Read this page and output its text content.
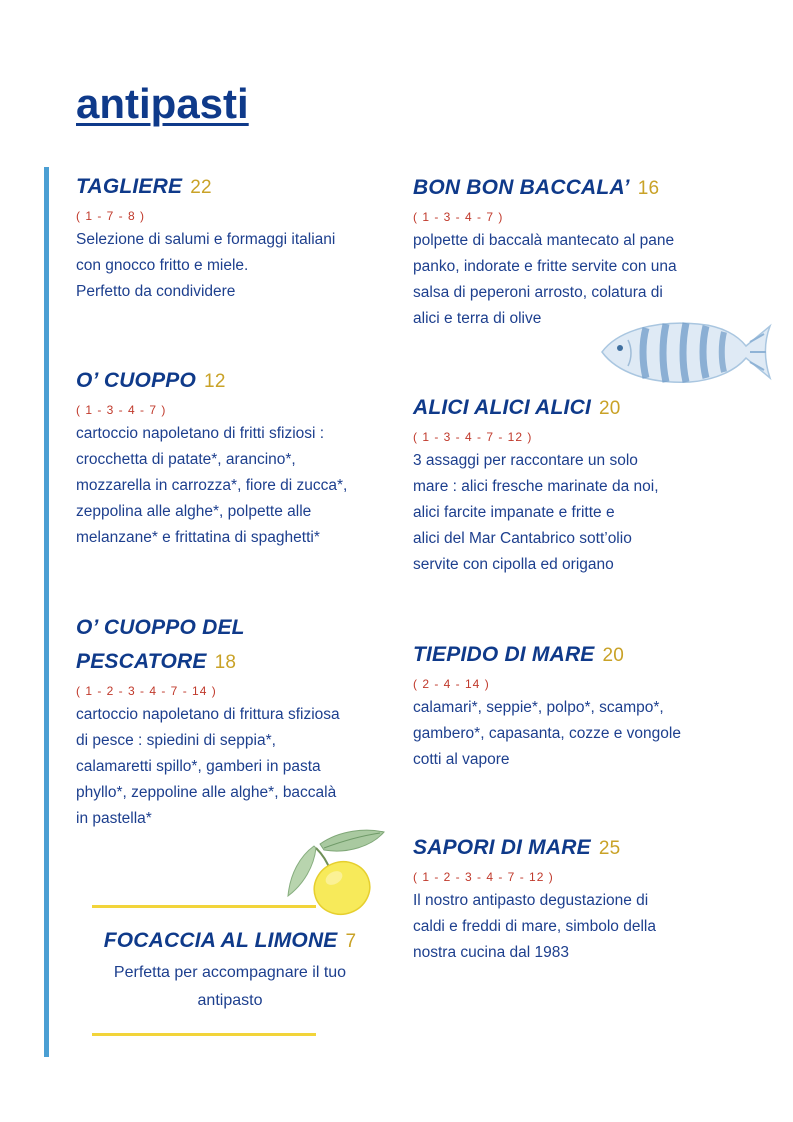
antipasti
TAGLIERE 22
( 1 - 7 - 8 )

Selezione di salumi e formaggi italiani
con gnocco fritto e miele.
Perfetto da condividere

O’ CUOPPO 12
( 1 - 3 - 4 - 7 )

cartoccio napoletano di fritti sfiziosi :
crocchetta di patate*, arancino*,
mozzarella in carrozza*, fiore di zucca*,
zeppolina alle alghe*, polpette alle
melanzane* e frittatina di spaghetti*

O’ CUOPPO DEL
PESCATORE 18
( 1 - 2 - 3 - 4 - 7 - 14 )

cartoccio napoletano di frittura sfiziosa
di pesce : spiedini di seppia*,
calamaretti spillo*, gamberi in pasta
phyllo*, zeppoline alle alghe*, baccalà
in pastella*

BON BON BACCALA’ 16
( 1 - 3 - 4 - 7 )

polpette di baccalà mantecato al pane
panko, indorate e fritte servite con una
salsa di peperoni arrosto, colatura di
alici e terra di olive

ALICI ALICI ALICI 20
( 1 - 3 - 4 - 7 - 12 )

3 assaggi per raccontare un solo
mare : alici fresche marinate da noi,
alici farcite impanate e fritte e
alici del Mar Cantabrico sott’olio
servite con cipolla ed origano

TIEPIDO DI MARE 20
( 2 - 4 - 14 )

calamari*, seppie*, polpo*, scampo*,
gambero*, capasanta, cozze e vongole
cotti al vapore

SAPORI DI MARE 25
( 1 - 2 - 3 - 4 - 7 - 12 )

Il nostro antipasto degustazione di
caldi e freddi di mare, simbolo della
nostra cucina dal 1983

FOCACCIA AL LIMONE 7

Perfetta per accompagnare il tuo
antipasto
